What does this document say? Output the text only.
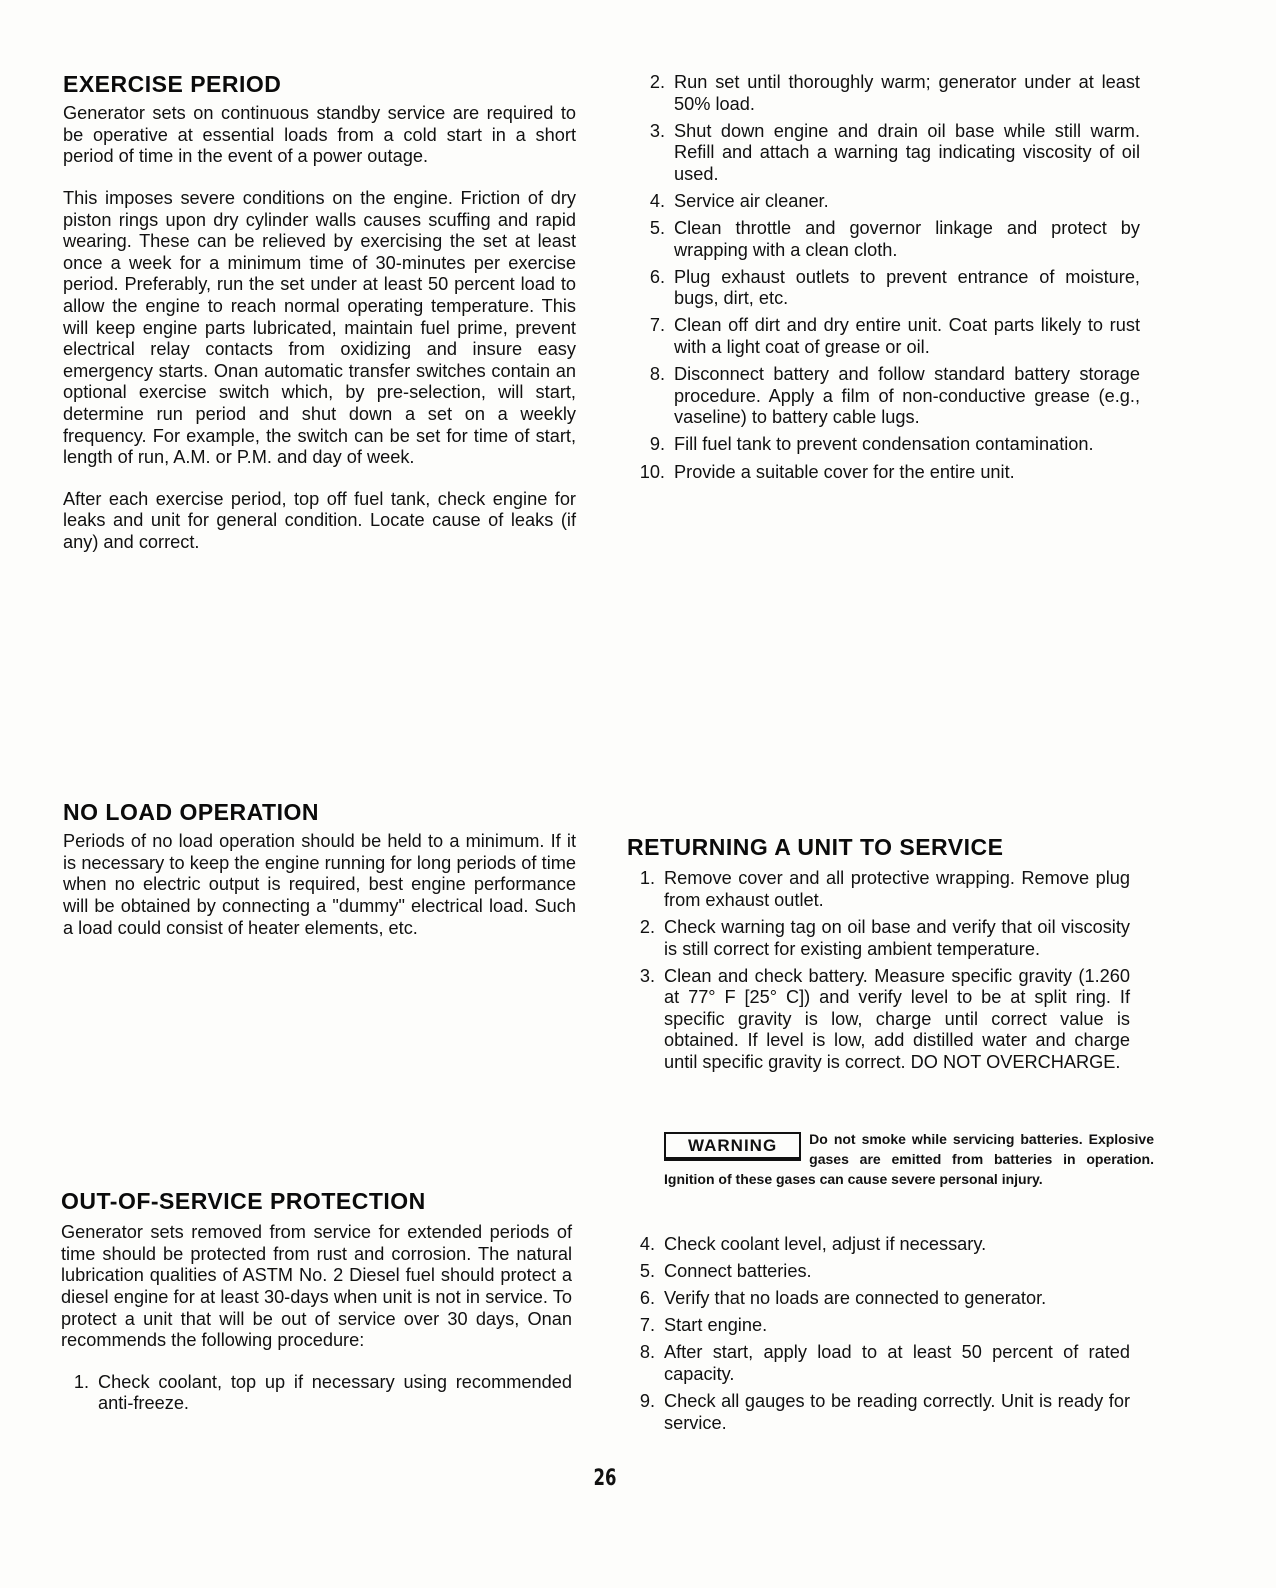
EXERCISE PERIOD

Generator sets on continuous standby service are required to be operative at essential loads from a cold start in a short period of time in the event of a power outage.

This imposes severe conditions on the engine. Friction of dry piston rings upon dry cylinder walls causes scuffing and rapid wearing. These can be relieved by exercising the set at least once a week for a minimum time of 30-minutes per exercise period. Preferably, run the set under at least 50 percent load to allow the engine to reach normal operating temperature. This will keep engine parts lubricated, maintain fuel prime, prevent electrical relay contacts from oxidizing and insure easy emergency starts. Onan automatic transfer switches contain an optional exercise switch which, by pre-selection, will start, determine run period and shut down a set on a weekly frequency. For example, the switch can be set for time of start, length of run, A.M. or P.M. and day of week.

After each exercise period, top off fuel tank, check engine for leaks and unit for general condition. Locate cause of leaks (if any) and correct.

2. Run set until thoroughly warm; generator under at least 50% load.
3. Shut down engine and drain oil base while still warm. Refill and attach a warning tag indicating viscosity of oil used.
4. Service air cleaner.
5. Clean throttle and governor linkage and protect by wrapping with a clean cloth.
6. Plug exhaust outlets to prevent entrance of moisture, bugs, dirt, etc.
7. Clean off dirt and dry entire unit. Coat parts likely to rust with a light coat of grease or oil.
8. Disconnect battery and follow standard battery storage procedure. Apply a film of non-conductive grease (e.g., vaseline) to battery cable lugs.
9. Fill fuel tank to prevent condensation contamination.
10. Provide a suitable cover for the entire unit.
NO LOAD OPERATION

Periods of no load operation should be held to a minimum. If it is necessary to keep the engine running for long periods of time when no electric output is required, best engine performance will be obtained by connecting a "dummy" electrical load. Such a load could consist of heater elements, etc.

OUT-OF-SERVICE PROTECTION

Generator sets removed from service for extended periods of time should be protected from rust and corrosion. The natural lubrication qualities of ASTM No. 2 Diesel fuel should protect a diesel engine for at least 30-days when unit is not in service. To protect a unit that will be out of service over 30 days, Onan recommends the following procedure:

1. Check coolant, top up if necessary using recommended anti-freeze.
RETURNING A UNIT TO SERVICE
1. Remove cover and all protective wrapping. Remove plug from exhaust outlet.
2. Check warning tag on oil base and verify that oil viscosity is still correct for existing ambient temperature.
3. Clean and check battery. Measure specific gravity (1.260 at 77° F [25° C]) and verify level to be at split ring. If specific gravity is low, charge until correct value is obtained. If level is low, add distilled water and charge until specific gravity is correct. DO NOT OVERCHARGE.
WARNING	Do not smoke while servicing batteries. Explosive gases are emitted from batteries in operation. Ignition of these gases can cause severe personal injury.
4. Check coolant level, adjust if necessary.
5. Connect batteries.
6. Verify that no loads are connected to generator.
7. Start engine.
8. After start, apply load to at least 50 percent of rated capacity.
9. Check all gauges to be reading correctly. Unit is ready for service.
26
